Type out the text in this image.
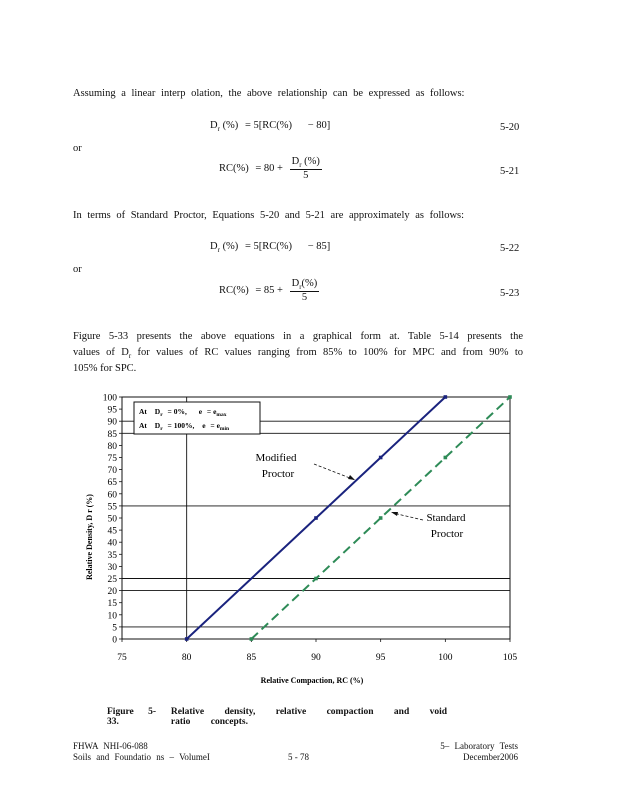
Assuming a linear interp olation, the above relationship can be expressed as follows:
$D_r$ (%) = 5[RC(%)      − 80]	5-20
or
$RC(\%) = 80 + \frac{D_r (\%)}{5}$	5-21
In terms of Standard Proctor, Equations 5-20 and 5-21 are approximately as follows:
$D_r$ (%) = 5[RC(%)      − 85]	5-22
or
$RC(\%) = 85 + \frac{D_r(\%)}{5}$	5-23
Figure 5-33 presents the above equations in a graphical form at. Table 5-14 presents the
values of $D_r$ for values of RC values ranging from 85% to 100% for MPC and from 90% to
105% for SPC.
0
5
10
15
20
25
30
35
40
45
50
55
60
65
70
75
80
85
90
95
100
75	80	85	90	95	100	105
At $D_r = 0\%$, $e = e_{max}$
At $D_r = 100\%$, $e = e_{min}$
Modified
Proctor
Standard
Proctor
Relative Compaction, RC (%)
Relative Density, D r (%)
Figure 5-33.
Relative density, relative compaction and void ratio concepts.
FHWA NHI-06-088
Soils and Foundatio ns – VolumeI	5 - 78
5– Laboratory Tests
December2006
